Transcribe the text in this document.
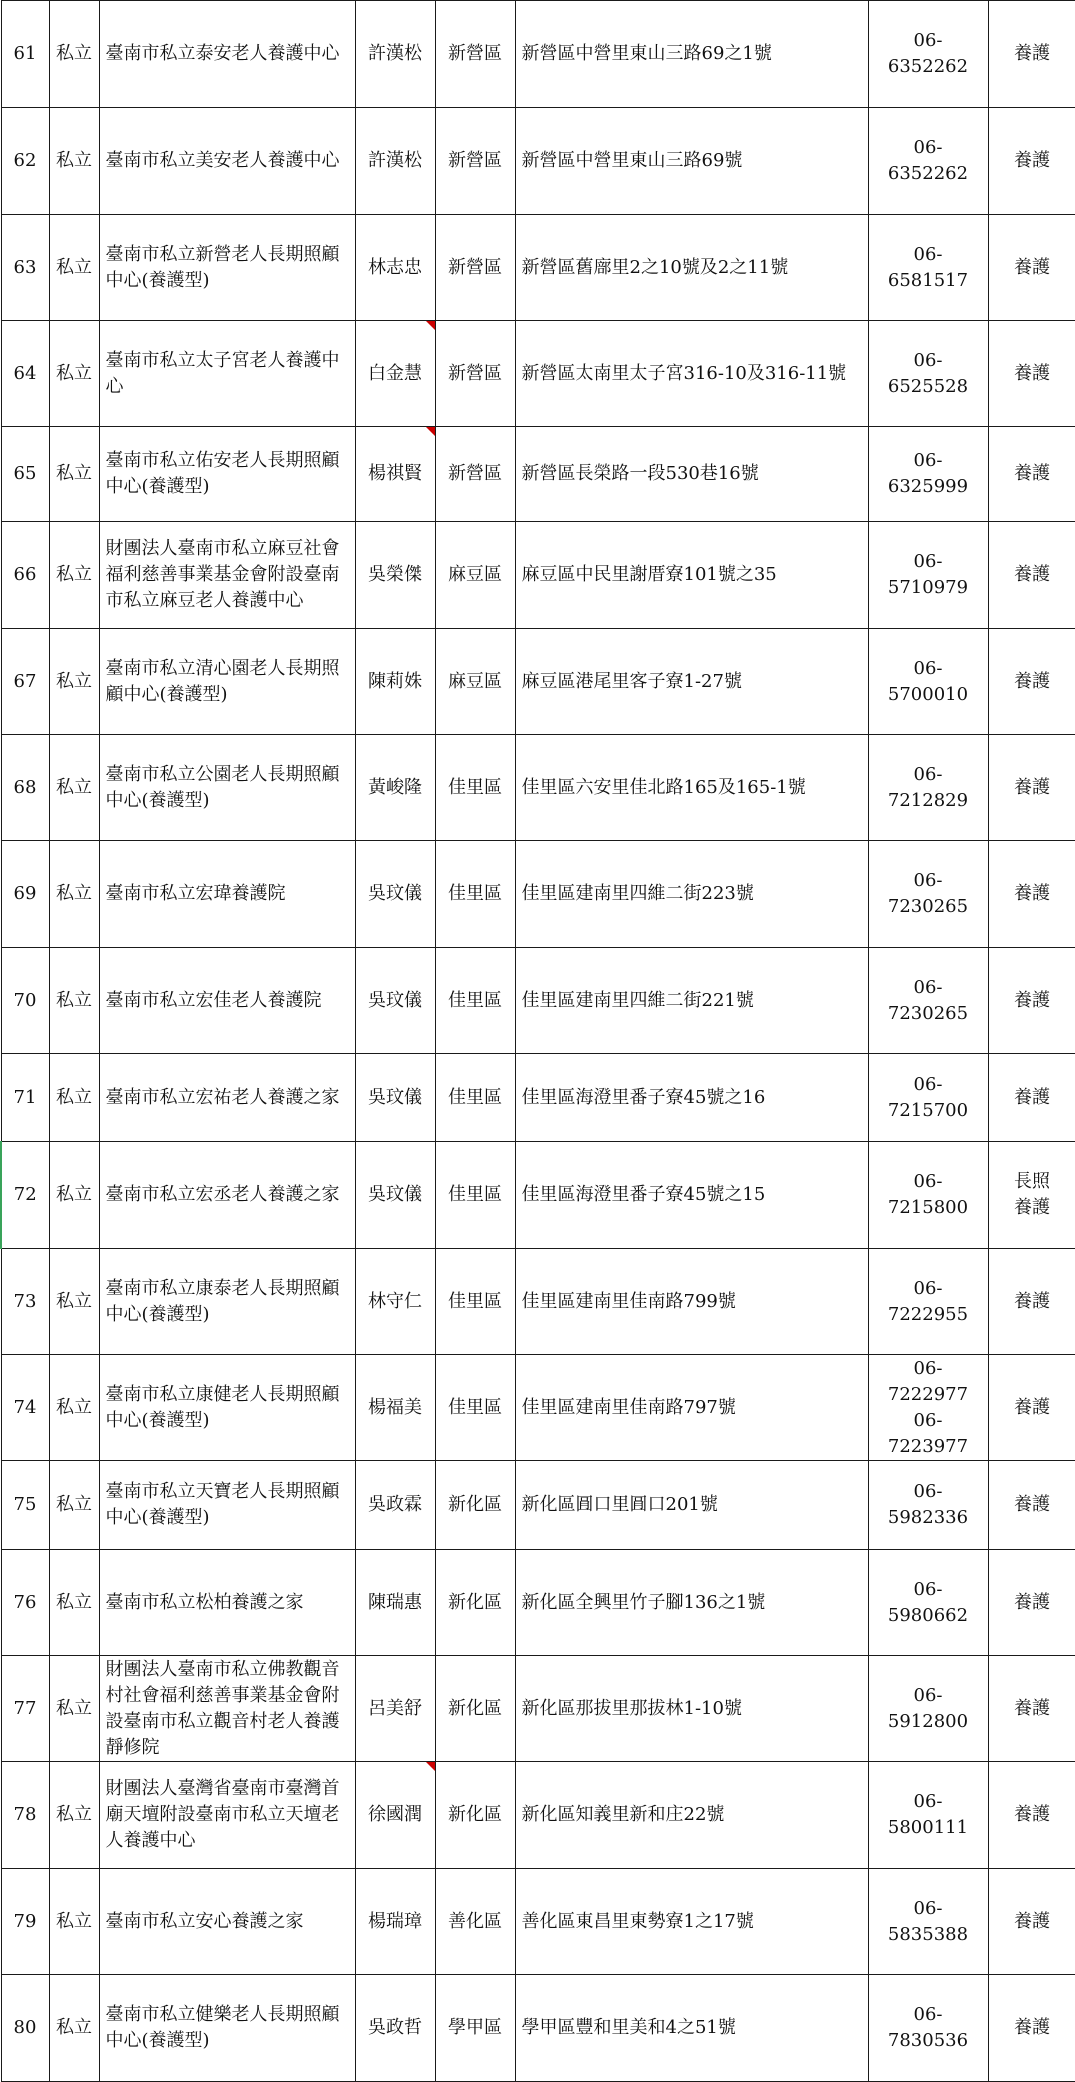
61	私立	臺南市私立泰安老人養護中心	許漢松	新營區	新營區中營里東山三路69之1號	06-6352262	養護

62	私立	臺南市私立美安老人養護中心	許漢松	新營區	新營區中營里東山三路69號	06-6352262	養護

63	私立	臺南市私立新營老人長期照顧中心(養護型)	林志忠	新營區	新營區舊廍里2之10號及2之11號	06-6581517	養護

64	私立	臺南市私立太子宮老人養護中心	白金慧	新營區	新營區太南里太子宮316-10及316-11號	06-6525528	養護

65	私立	臺南市私立佑安老人長期照顧中心(養護型)	楊祺賢	新營區	新營區長榮路一段530巷16號	06-6325999	養護

66	私立	財團法人臺南市私立麻豆社會福利慈善事業基金會附設臺南市私立麻豆老人養護中心	吳榮傑	麻豆區	麻豆區中民里謝厝寮101號之35	06-5710979	養護

67	私立	臺南市私立清心園老人長期照顧中心(養護型)	陳莉姝	麻豆區	麻豆區港尾里客子寮1-27號	06-5700010	養護

68	私立	臺南市私立公園老人長期照顧中心(養護型)	黃峻隆	佳里區	佳里區六安里佳北路165及165-1號	06-7212829	養護

69	私立	臺南市私立宏瑋養護院	吳玟儀	佳里區	佳里區建南里四維二街223號	06-7230265	養護

70	私立	臺南市私立宏佳老人養護院	吳玟儀	佳里區	佳里區建南里四維二街221號	06-7230265	養護

71	私立	臺南市私立宏祐老人養護之家	吳玟儀	佳里區	佳里區海澄里番子寮45號之16	06-7215700	養護

72	私立	臺南市私立宏丞老人養護之家	吳玟儀	佳里區	佳里區海澄里番子寮45號之15	06-7215800	長照
養護

73	私立	臺南市私立康泰老人長期照顧中心(養護型)	林守仁	佳里區	佳里區建南里佳南路799號	06-7222955	養護

74	私立	臺南市私立康健老人長期照顧中心(養護型)	楊福美	佳里區	佳里區建南里佳南路797號	06-7222977
06-7223977	養護

75	私立	臺南市私立天寶老人長期照顧中心(養護型)	吳政霖	新化區	新化區㘣口里㘣口201號	06-5982336	養護

76	私立	臺南市私立松柏養護之家	陳瑞惠	新化區	新化區全興里竹子腳136之1號	06-5980662	養護

77	私立	財團法人臺南市私立佛教觀音村社會福利慈善事業基金會附設臺南市私立觀音村老人養護靜修院	呂美舒	新化區	新化區那拔里那拔林1-10號	06-5912800	養護

78	私立	財團法人臺灣省臺南市臺灣首廟天壇附設臺南市私立天壇老人養護中心	徐國潤	新化區	新化區知義里新和庄22號	06-5800111	養護

79	私立	臺南市私立安心養護之家	楊瑞璋	善化區	善化區東昌里東勢寮1之17號	06-5835388	養護

80	私立	臺南市私立健樂老人長期照顧中心(養護型)	吳政哲	學甲區	學甲區豐和里美和4之51號	06-7830536	養護
